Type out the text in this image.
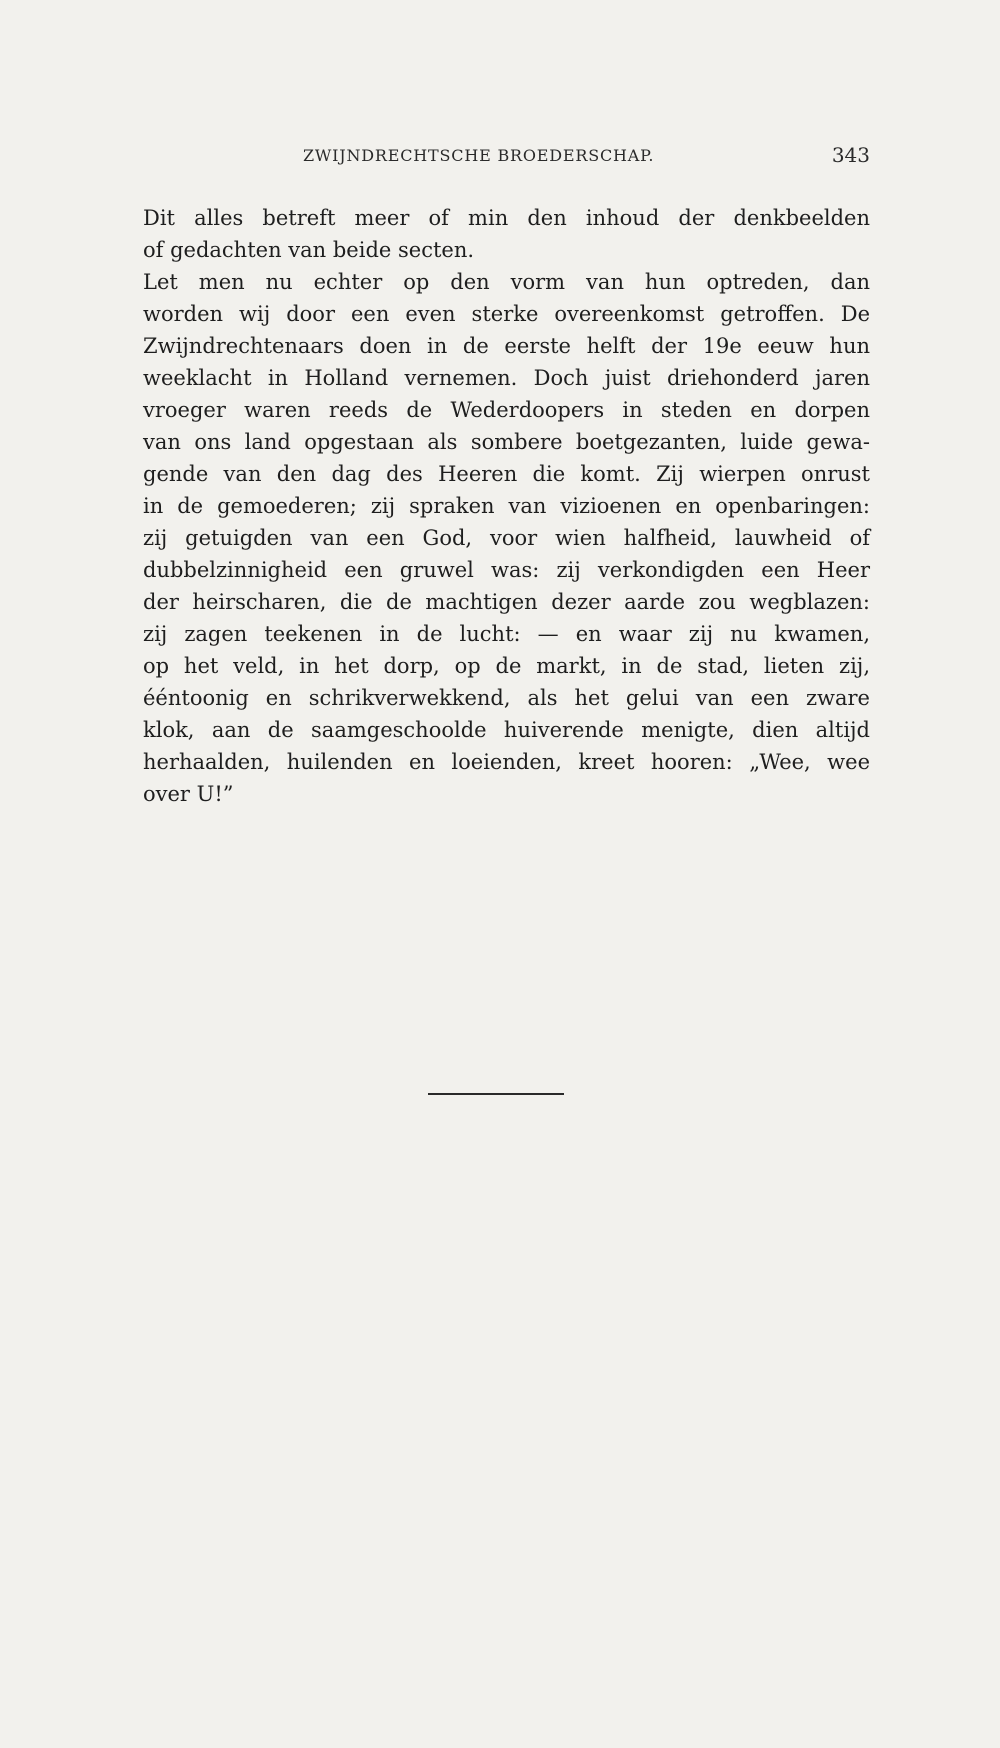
ZWIJNDRECHTSCHE BROEDERSCHAP.	343
Dit alles betreft meer of min den inhoud der denkbeelden
of gedachten van beide secten.
Let men nu echter op den vorm van hun optreden, dan
worden wij door een even sterke overeenkomst getroffen. De
Zwijndrechtenaars doen in de eerste helft der 19e eeuw hun
weeklacht in Holland vernemen. Doch juist driehonderd jaren
vroeger waren reeds de Wederdoopers in steden en dorpen
van ons land opgestaan als sombere boetgezanten, luide gewa-
gende van den dag des Heeren die komt. Zij wierpen onrust
in de gemoederen; zij spraken van vizioenen en openbaringen:
zij getuigden van een God, voor wien halfheid, lauwheid of
dubbelzinnigheid een gruwel was: zij verkondigden een Heer
der heirscharen, die de machtigen dezer aarde zou wegblazen:
zij zagen teekenen in de lucht: — en waar zij nu kwamen,
op het veld, in het dorp, op de markt, in de stad, lieten zij,
ééntoonig en schrikverwekkend, als het gelui van een zware
klok, aan de saamgeschoolde huiverende menigte, dien altijd
herhaalden, huilenden en loeienden, kreet hooren: „Wee, wee
over U!”
